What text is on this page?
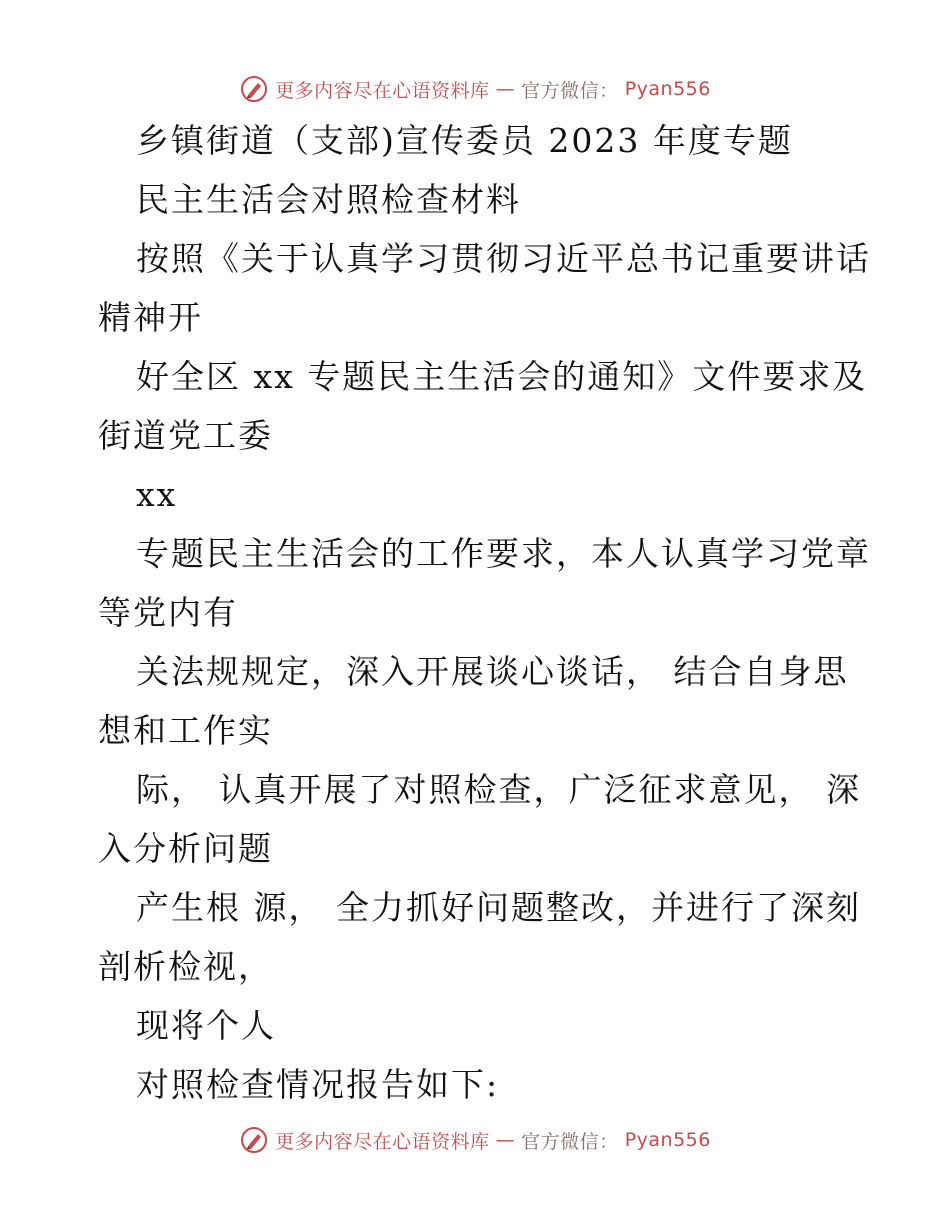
更多内容尽在心语资料库 — 官方微信： Pyan556
乡镇街道（支部)宣传委员 2023 年度专题
民主生活会对照检查材料
按照《关于认真学习贯彻习近平总书记重要讲话
精神开
好全区 xx 专题民主生活会的通知》文件要求及
街道党工委
xx
专题民主生活会的工作要求，本人认真学习党章
等党内有
关法规规定，深入开展谈心谈话， 结合自身思
想和工作实
际， 认真开展了对照检查，广泛征求意见， 深
入分析问题
产生根 源， 全力抓好问题整改，并进行了深刻
剖析检视，
现将个人
对照检查情况报告如下:
更多内容尽在心语资料库 — 官方微信： Pyan556
